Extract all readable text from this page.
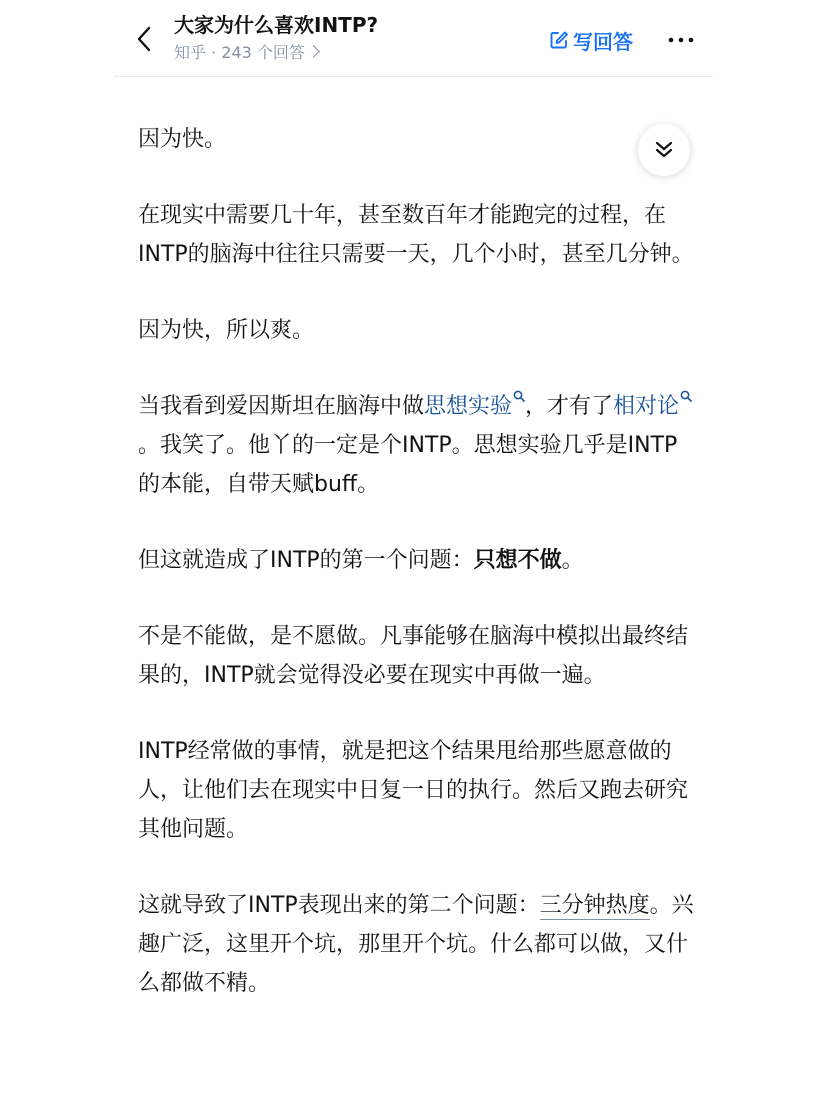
大家为什么喜欢INTP?
知乎 · 243 个回答	写回答

因为快。

在现实中需要几十年，甚至数百年才能跑完的过程，在INTP的脑海中往往只需要一天，几个小时，甚至几分钟。

因为快，所以爽。

当我看到爱因斯坦在脑海中做思想实验 ，才有了相对论。我笑了。他丫的一定是个INTP。思想实验几乎是INTP的本能，自带天赋buff。

但这就造成了INTP的第一个问题：只想不做。

不是不能做，是不愿做。凡事能够在脑海中模拟出最终结果的，INTP就会觉得没必要在现实中再做一遍。

INTP经常做的事情，就是把这个结果甩给那些愿意做的人，让他们去在现实中日复一日的执行。然后又跑去研究其他问题。

这就导致了INTP表现出来的第二个问题：三分钟热度。兴趣广泛，这里开个坑，那里开个坑。什么都可以做，又什么都做不精。
